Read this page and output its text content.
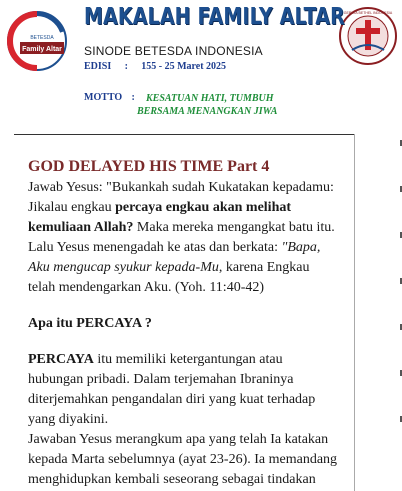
BETESDA
Family Altar
GEREJA BETHEL INDONESIA
MAKALAH FAMILY ALTAR
SINODE BETESDA INDONESIA
EDISI : 155 - 25 Maret 2025
MOTTO :	KESATUAN HATI, TUMBUH
BERSAMA MENANGKAN JIWA
GOD DELAYED HIS TIME Part 4
Jawab Yesus: "Bukankah sudah Kukatakan kepadamu:
Jikalau engkau percaya engkau akan melihat
kemuliaan Allah? Maka mereka mengangkat batu itu.
Lalu Yesus menengadah ke atas dan berkata: "Bapa,
Aku mengucap syukur kepada-Mu, karena Engkau
telah mendengarkan Aku. (Yoh. 11:40-42)
Apa itu PERCAYA ?
PERCAYA itu memiliki ketergantungan atau
hubungan pribadi. Dalam terjemahan Ibraninya
diterjemahkan pengandalan diri yang kuat terhadap
yang diyakini.
Jawaban Yesus merangkum apa yang telah Ia katakan
kepada Marta sebelumnya (ayat 23-26). Ia memandang
menghidupkan kembali seseorang sebagai tindakan
